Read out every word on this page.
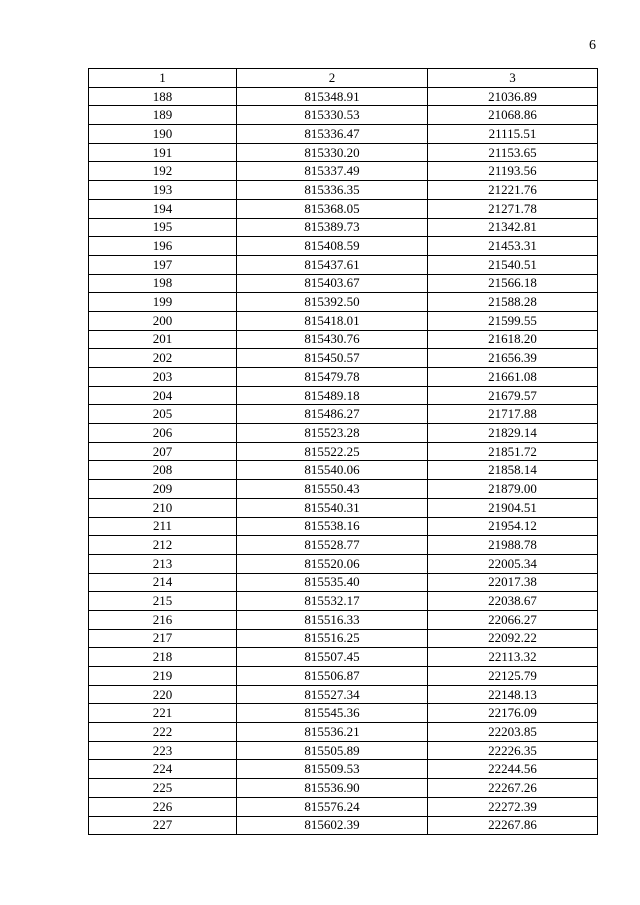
6
1	2	3
188	815348.91	21036.89
189	815330.53	21068.86
190	815336.47	21115.51
191	815330.20	21153.65
192	815337.49	21193.56
193	815336.35	21221.76
194	815368.05	21271.78
195	815389.73	21342.81
196	815408.59	21453.31
197	815437.61	21540.51
198	815403.67	21566.18
199	815392.50	21588.28
200	815418.01	21599.55
201	815430.76	21618.20
202	815450.57	21656.39
203	815479.78	21661.08
204	815489.18	21679.57
205	815486.27	21717.88
206	815523.28	21829.14
207	815522.25	21851.72
208	815540.06	21858.14
209	815550.43	21879.00
210	815540.31	21904.51
211	815538.16	21954.12
212	815528.77	21988.78
213	815520.06	22005.34
214	815535.40	22017.38
215	815532.17	22038.67
216	815516.33	22066.27
217	815516.25	22092.22
218	815507.45	22113.32
219	815506.87	22125.79
220	815527.34	22148.13
221	815545.36	22176.09
222	815536.21	22203.85
223	815505.89	22226.35
224	815509.53	22244.56
225	815536.90	22267.26
226	815576.24	22272.39
227	815602.39	22267.86
